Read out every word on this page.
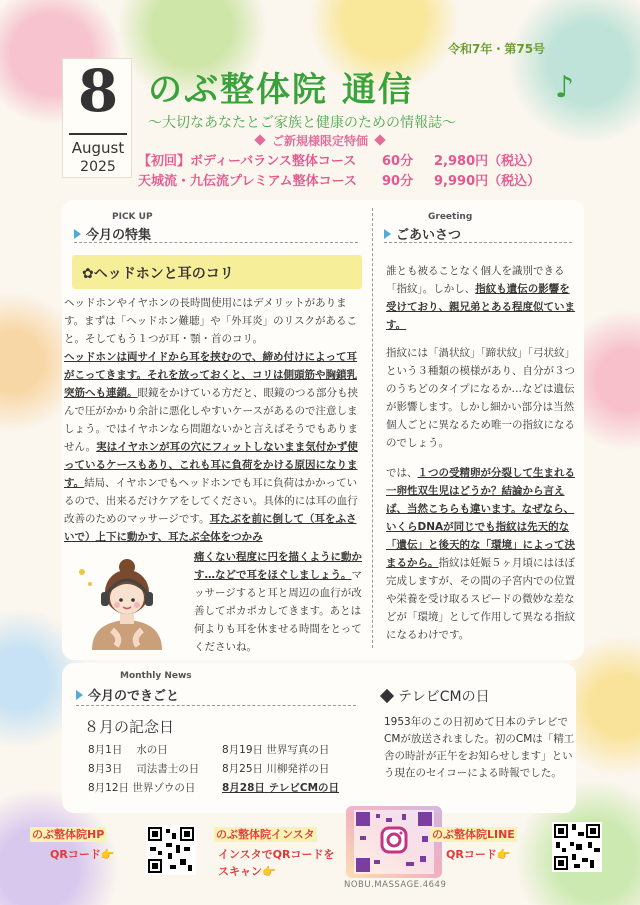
令和7年・第75号
8
August
2025
のぶ整体院 通信	♪
～大切なあなたとご家族と健康のための情報誌～
ご新規様限定特価
【初回】ボディーバランス整体コース 60分 2,980円（税込）
天城流・九伝流プレミアム整体コース 90分 9,990円（税込）
PICK UP
今月の特集
✿ヘッドホンと耳のコリ
ヘッドホンやイヤホンの長時間使用にはデメリットがあります。まずは「ヘッドホン難聴」や「外耳炎」のリスクがあること。そしてもう１つが耳・顎・首のコリ。
ヘッドホンは両サイドから耳を挟むので、締め付けによって耳がこってきます。それを放っておくと、コリは側頭筋や胸鎖乳突筋へも連鎖。眼鏡をかけている方だと、眼鏡のつる部分も挟んで圧がかかり余計に悪化しやすいケースがあるので注意しましょう。ではイヤホンなら問題ないかと言えばそうでもありません。実はイヤホンが耳の穴にフィットしないまま気付かず使っているケースもあり、これも耳に負荷をかける原因になります。結局、イヤホンでもヘッドホンでも耳に負荷はかかっているので、出来るだけケアをしてください。具体的には耳の血行改善のためのマッサージです。耳たぶを前に倒して（耳をふさいで）上下に動かす、耳たぶ全体をつかみ
痛くない程度に円を描くように動かす…などで耳をほぐしましょう。マッサージすると耳と周辺の血行が改善してポカポカしてきます。あとは何よりも耳を休ませる時間をとってくださいね。
Greeting
ごあいさつ
誰とも被ることなく個人を識別できる「指紋」。しかし、指紋も遺伝の影響を受けており、親兄弟とある程度似ています。
指紋には「渦状紋」「蹄状紋」「弓状紋」という３種類の模様があり、自分が３つのうちどのタイプになるか…などは遺伝が影響します。しかし細かい部分は当然個人ごとに異なるため唯一の指紋になるのでしょう。
では、１つの受精卵が分裂して生まれる一卵性双生児はどうか？結論から言えば、当然こちらも違います。なぜなら、いくらDNAが同じでも指紋は先天的な「遺伝」と後天的な「環境」によって決まるから。指紋は妊娠５ヶ月頃にはほぼ完成しますが、その間の子宮内での位置や栄養を受け取るスピードの微妙な差などが「環境」として作用して異なる指紋になるわけです。
Monthly News
今月のできごと
８月の記念日
8月1日　 水の日
8月3日　 司法書士の日
8月12日 世界ゾウの日
8月19日 世界写真の日
8月25日 川柳発祥の日
8月28日 テレビCMの日
テレビCMの日
1953年のこの日初めて日本のテレビでCMが放送されました。初のCMは「精工舎の時計が正午をお知らせします」という現在のセイコーによる時報でした。
のぶ整体院HP
QRコード👉
のぶ整体院インスタ
インスタでQRコードを
スキャン👉
NOBU.MASSAGE.4649
のぶ整体院LINE
QRコード👉
